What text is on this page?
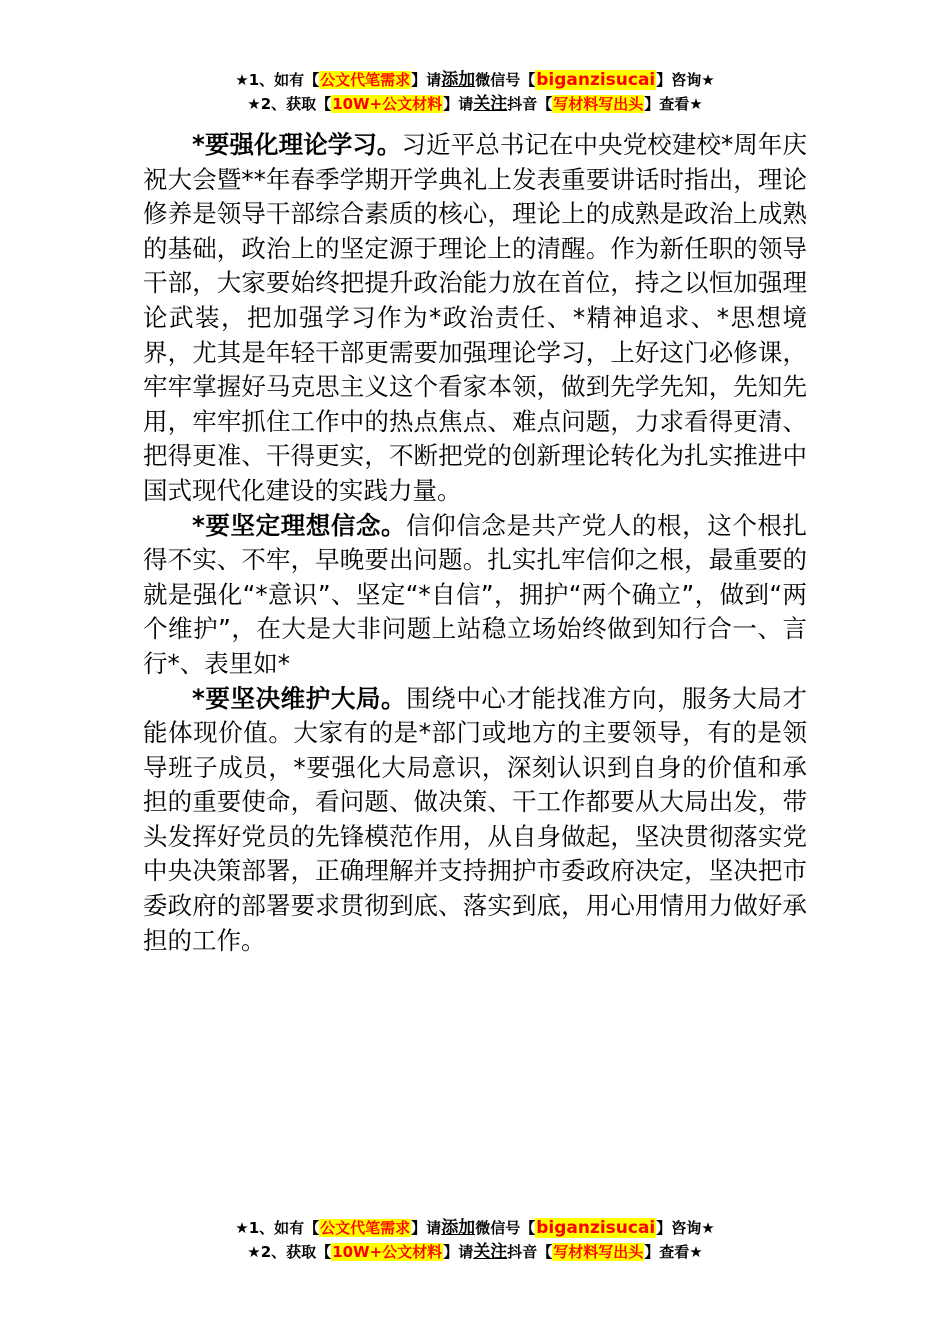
★1、如有【公文代笔需求】请添加微信号【biganzisucai】咨询★
★2、获取【10W+公文材料】请关注抖音【写材料写出头】查看★

*要强化理论学习。习近平总书记在中央党校建校*周年庆祝大会暨**年春季学期开学典礼上发表重要讲话时指出，理论修养是领导干部综合素质的核心，理论上的成熟是政治上成熟的基础，政治上的坚定源于理论上的清醒。作为新任职的领导干部，大家要始终把提升政治能力放在首位，持之以恒加强理论武装，把加强学习作为*政治责任、*精神追求、*思想境界，尤其是年轻干部更需要加强理论学习，上好这门必修课，牢牢掌握好马克思主义这个看家本领，做到先学先知，先知先用，牢牢抓住工作中的热点焦点、难点问题，力求看得更清、把得更准、干得更实，不断把党的创新理论转化为扎实推进中国式现代化建设的实践力量。

*要坚定理想信念。信仰信念是共产党人的根，这个根扎得不实、不牢，早晚要出问题。扎实扎牢信仰之根，最重要的就是强化“*意识”、坚定“*自信”，拥护“两个确立”，做到“两个维护”，在大是大非问题上站稳立场始终做到知行合一、言行*、表里如*

*要坚决维护大局。围绕中心才能找准方向，服务大局才能体现价值。大家有的是*部门或地方的主要领导，有的是领导班子成员，*要强化大局意识，深刻认识到自身的价值和承担的重要使命，看问题、做决策、干工作都要从大局出发，带头发挥好党员的先锋模范作用，从自身做起，坚决贯彻落实党中央决策部署，正确理解并支持拥护市委政府决定，坚决把市委政府的部署要求贯彻到底、落实到底，用心用情用力做好承担的工作。

★1、如有【公文代笔需求】请添加微信号【biganzisucai】咨询★
★2、获取【10W+公文材料】请关注抖音【写材料写出头】查看★
